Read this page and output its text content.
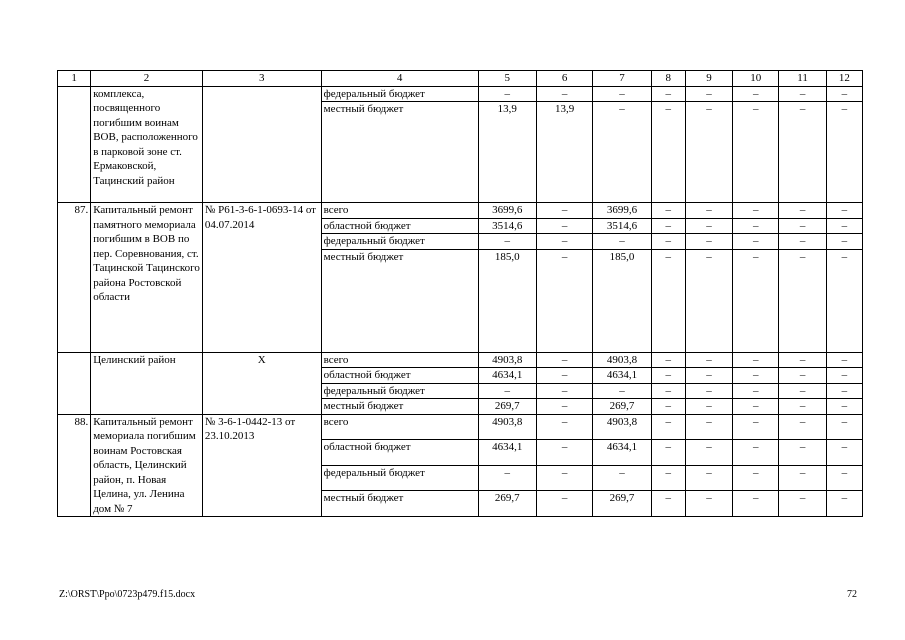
1	2	3	4	5	6	7	8	9	10	11	12
	комплекса, посвященного погибшим воинам ВОВ, расположенного в парковой зоне ст. Ермаковской, Тацинский район		федеральный бюджет	–	–	–	–	–	–	–	–
			местный бюджет	13,9	13,9	–	–	–	–	–	–
87.	Капитальный ремонт памятного мемориала погибшим в ВОВ по пер. Соревнования, ст. Тацинской Тацинского района Ростовской области	№ Р61-3-6-1-0693-14 от 04.07.2014	всего	3699,6	–	3699,6	–	–	–	–	–
			областной бюджет	3514,6	–	3514,6	–	–	–	–	–
			федеральный бюджет	–	–	–	–	–	–	–	–
			местный бюджет	185,0	–	185,0	–	–	–	–	–
	Целинский район	Х	всего	4903,8	–	4903,8	–	–	–	–	–
			областной бюджет	4634,1	–	4634,1	–	–	–	–	–
			федеральный бюджет	–	–	–	–	–	–	–	–
			местный бюджет	269,7	–	269,7	–	–	–	–	–
88.	Капитальный ремонт мемориала погибшим воинам Ростовская область, Целинский район, п. Новая Целина, ул. Ленина дом № 7	№ 3-6-1-0442-13 от 23.10.2013	всего	4903,8	–	4903,8	–	–	–	–	–
			областной бюджет	4634,1	–	4634,1	–	–	–	–	–
			федеральный бюджет	–	–	–	–	–	–	–	–
			местный бюджет	269,7	–	269,7	–	–	–	–	–
Z:\ORST\Ppo\0723p479.f15.docx	72
